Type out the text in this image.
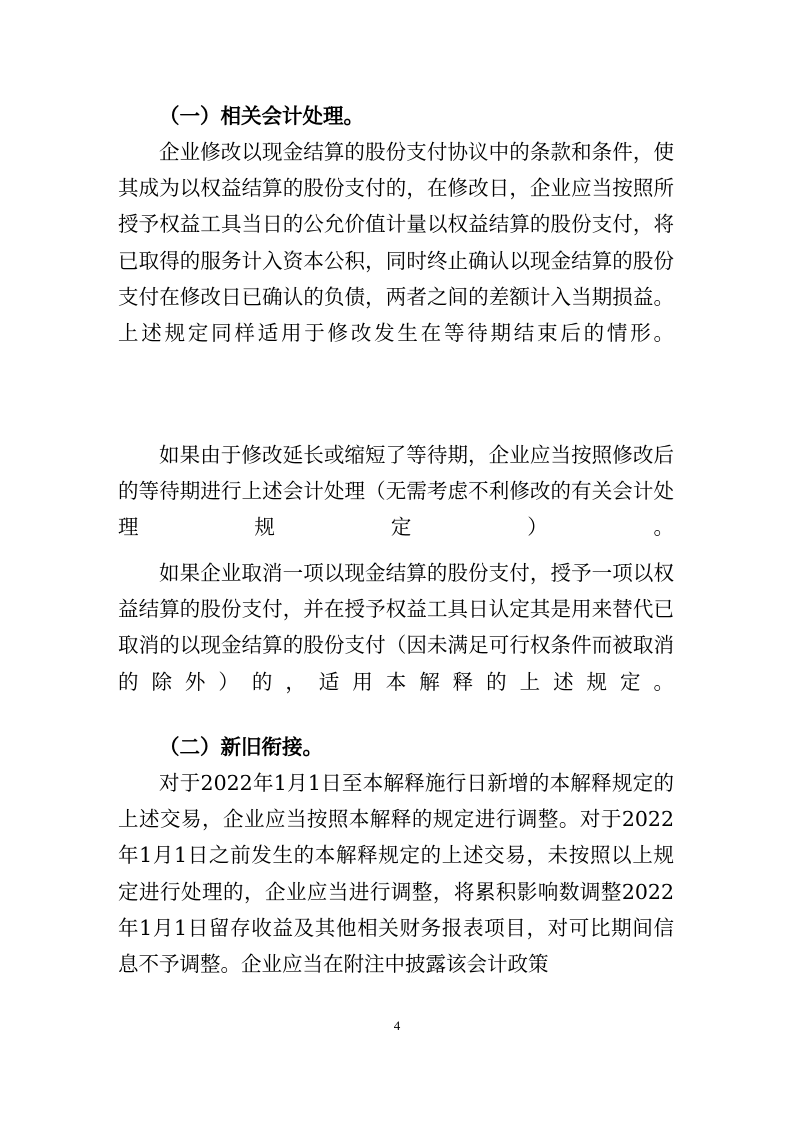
（一）相关会计处理。

企业修改以现金结算的股份支付协议中的条款和条件，使其成为以权益结算的股份支付的，在修改日，企业应当按照所授予权益工具当日的公允价值计量以权益结算的股份支付，将已取得的服务计入资本公积，同时终止确认以现金结算的股份支付在修改日已确认的负债，两者之间的差额计入当期损益。上述规定同样适用于修改发生在等待期结束后的情形。

如果由于修改延长或缩短了等待期，企业应当按照修改后的等待期进行上述会计处理（无需考虑不利修改的有关会计处理规定）。

如果企业取消一项以现金结算的股份支付，授予一项以权益结算的股份支付，并在授予权益工具日认定其是用来替代已取消的以现金结算的股份支付（因未满足可行权条件而被取消的除外）的，适用本解释的上述规定。

（二）新旧衔接。

对于2022年1月1日至本解释施行日新增的本解释规定的上述交易，企业应当按照本解释的规定进行调整。对于2022年1月1日之前发生的本解释规定的上述交易，未按照以上规定进行处理的，企业应当进行调整，将累积影响数调整2022年1月1日留存收益及其他相关财务报表项目，对可比期间信息不予调整。企业应当在附注中披露该会计政策

4
